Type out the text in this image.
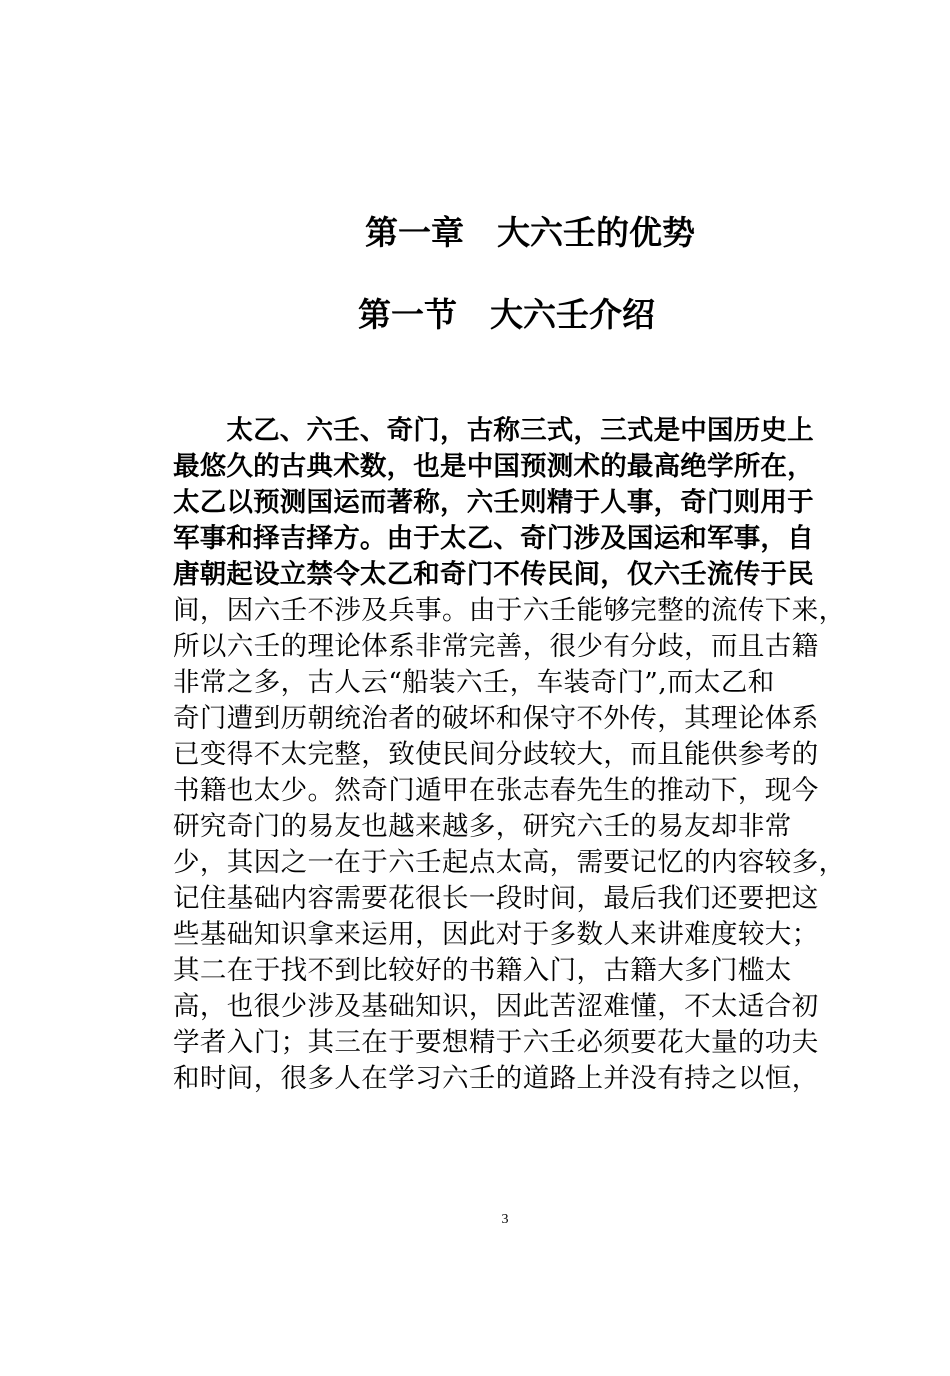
第一章　大六壬的优势
第一节　大六壬介绍
　　太乙、六壬、奇门，古称三式，三式是中国历史上
最悠久的古典术数，也是中国预测术的最高绝学所在，
太乙以预测国运而著称，六壬则精于人事，奇门则用于
军事和择吉择方。由于太乙、奇门涉及国运和军事，自
唐朝起设立禁令太乙和奇门不传民间，仅六壬流传于民
间，因六壬不涉及兵事。由于六壬能够完整的流传下来，
所以六壬的理论体系非常完善，很少有分歧，而且古籍
非常之多，古人云“船装六壬，车装奇门”,而太乙和
奇门遭到历朝统治者的破坏和保守不外传，其理论体系
已变得不太完整，致使民间分歧较大，而且能供参考的
书籍也太少。然奇门遁甲在张志春先生的推动下，现今
研究奇门的易友也越来越多，研究六壬的易友却非常
少，其因之一在于六壬起点太高，需要记忆的内容较多，
记住基础内容需要花很长一段时间，最后我们还要把这
些基础知识拿来运用，因此对于多数人来讲难度较大；
其二在于找不到比较好的书籍入门，古籍大多门槛太
高，也很少涉及基础知识，因此苦涩难懂，不太适合初
学者入门；其三在于要想精于六壬必须要花大量的功夫
和时间，很多人在学习六壬的道路上并没有持之以恒，
3
